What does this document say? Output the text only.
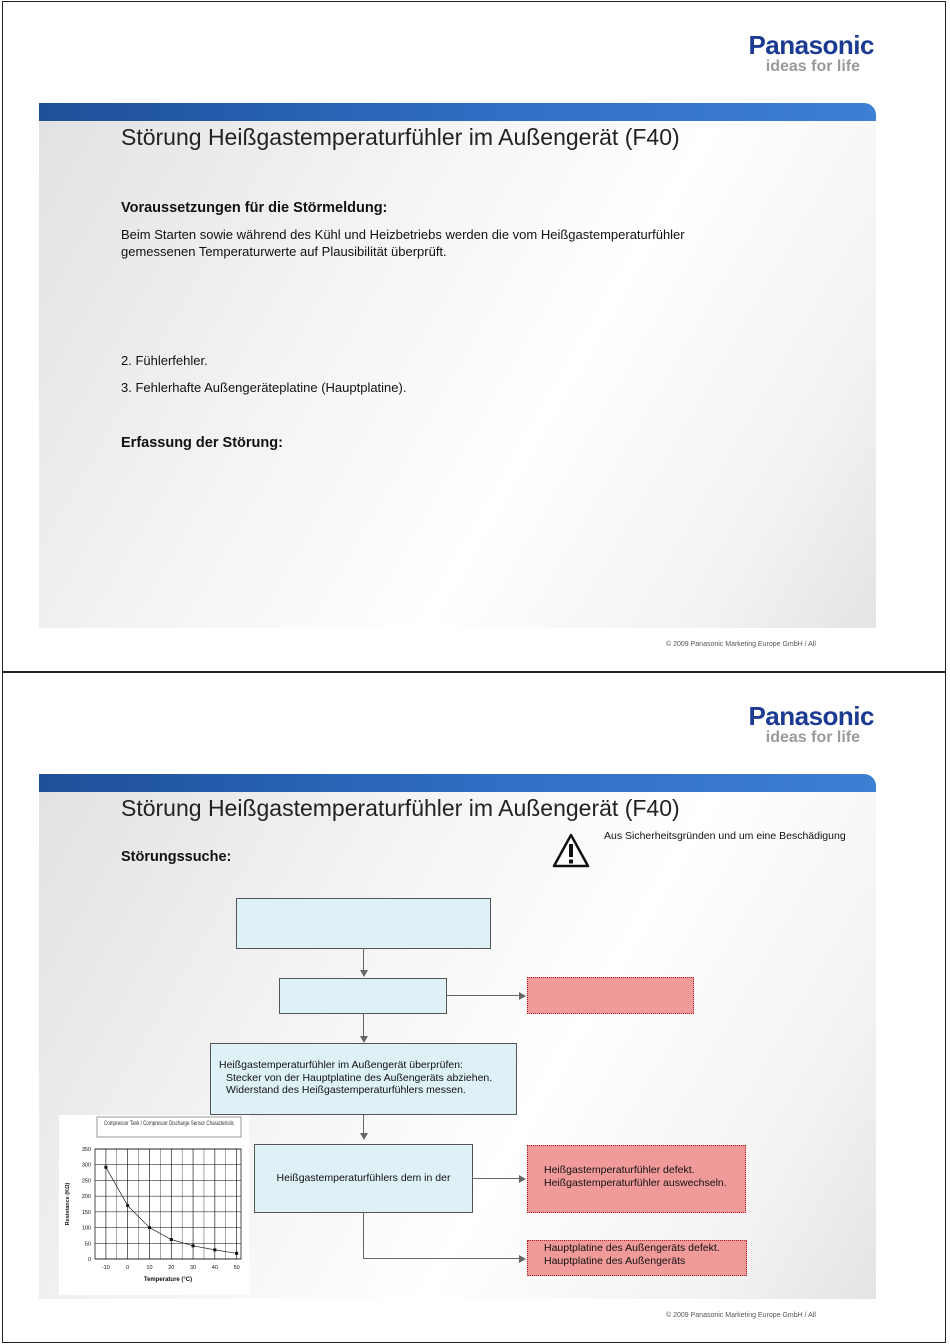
Panasonic
ideas for life
Störung Heißgastemperaturfühler im Außengerät (F40)
Voraussetzungen für die Störmeldung:
Beim Starten sowie während des Kühl und Heizbetriebs werden die vom Heißgastemperaturfühler
gemessenen Temperaturwerte auf Plausibilität überprüft.
2. Fühlerfehler.
3. Fehlerhafte Außengeräteplatine (Hauptplatine).
Erfassung der Störung:
© 2009 Panasonic Marketing Europe GmbH / All
Panasonic
ideas for life
Störung Heißgastemperaturfühler im Außengerät (F40)
Störungssuche:
Aus Sicherheitsgründen und um eine Beschädigung
Heißgastemperaturfühler im Außengerät überprüfen:
Stecker von der Hauptplatine des Außengeräts abziehen.
Widerstand des Heißgastemperaturfühlers messen.
Heißgastemperaturfühlers dem in der
Heißgastemperaturfühler defekt.
Heißgastemperaturfühler auswechseln.
Hauptplatine des Außengeräts defekt.
Hauptplatine des Außengeräts
Compressor Tank / Compressor Discharge Sensor Characteristic
0
50
100
150
200
250
300
350
-10	0	10	20	30	40	50
Temperature (°C)
Resistance (KΩ)
© 2009 Panasonic Marketing Europe GmbH / All
